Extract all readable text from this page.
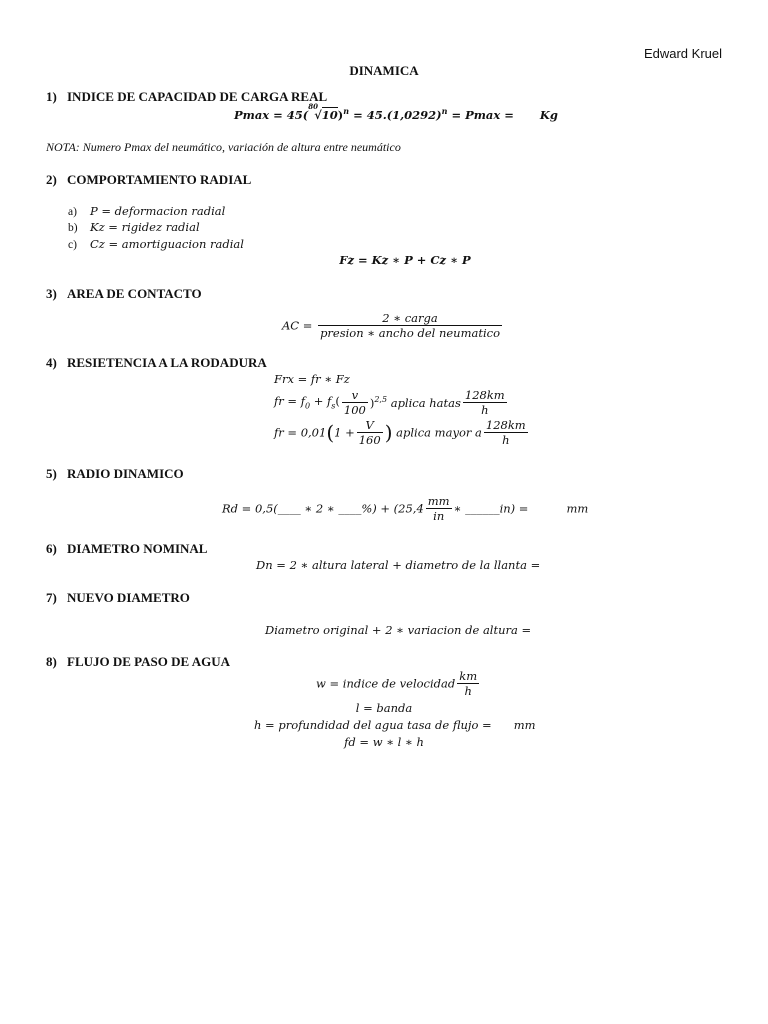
Edward Kruel
DINAMICA
1) INDICE DE CAPACIDAD DE CARGA REAL
Pmax = 45(
80
$√10)^n = 45.(1,0292)^n = Pmax = Kg$
NOTA: Numero Pmax del neumático, variación de altura entre neumático
2) COMPORTAMIENTO RADIAL
a) P = deformacion radial
b) Kz = rigidez radial
c) Cz = amortiguacion radial
Fz = Kz ∗ P + Cz ∗ P
3) AREA DE CONTACTO
AC = $\frac{\text{2 ∗ carga}}{\text{presion ∗ ancho del neumatico}}$
4) RESIETENCIA A LA RODADURA
Frx = fr ∗ Fz
fr = $f_0 + f_s( \frac{v}{100} )^{2,5}$ aplica hatas $\frac{128km}{h}$
fr = $0,01(1 + \frac{V}{160}$ ) aplica mayor a $\frac{128km}{h}$
5) RADIO DINAMICO
Rd = 0,5(____ ∗ 2 ∗ ____%) + ($25,4 \frac{mm}{in}$ ∗ ______in) =	mm
6) DIAMETRO NOMINAL
Dn = 2 ∗ altura lateral + diametro de la llanta =
7) NUEVO DIAMETRO
Diametro original + 2 ∗ variacion de altura =
8) FLUJO DE PASO DE AGUA
w = indice de velocidad $\frac{km}{h}$
l = banda
h = profundidad del agua tasa de flujo = mm
fd = w ∗ l ∗ h
